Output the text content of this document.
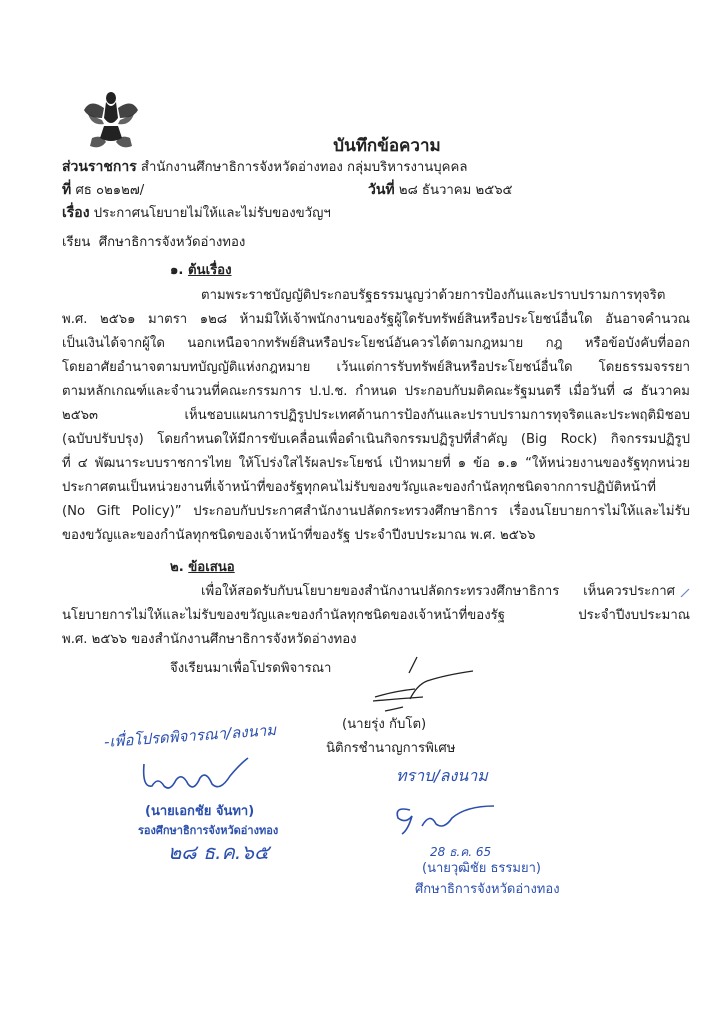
บันทึกข้อความ
ส่วนราชการ สำนักงานศึกษาธิการจังหวัดอ่างทอง กลุ่มบริหารงานบุคคล
ที่ ศธ ๐๒๑๒๗/	วันที่ ๒๘ ธันวาคม ๒๕๖๕
เรื่อง ประกาศนโยบายไม่ให้และไม่รับของขวัญฯ
เรียน ศึกษาธิการจังหวัดอ่างทอง
๑. ต้นเรื่อง
ตามพระราชบัญญัติประกอบรัฐธรรมนูญว่าด้วยการป้องกันและปราบปรามการทุจริต
พ.ศ. ๒๕๖๑ มาตรา ๑๒๘ ห้ามมิให้เจ้าพนักงานของรัฐผู้ใดรับทรัพย์สินหรือประโยชน์อื่นใด อันอาจคำนวณ
เป็นเงินได้จากผู้ใด นอกเหนือจากทรัพย์สินหรือประโยชน์อันควรได้ตามกฎหมาย กฎ หรือข้อบังคับที่ออก
โดยอาศัยอำนาจตามบทบัญญัติแห่งกฎหมาย เว้นแต่การรับทรัพย์สินหรือประโยชน์อื่นใด โดยธรรมจรรยา
ตามหลักเกณฑ์และจำนวนที่คณะกรรมการ ป.ป.ช. กำหนด ประกอบกับมติคณะรัฐมนตรี เมื่อวันที่ ๘ ธันวาคม
๒๕๖๓ เห็นชอบแผนการปฏิรูปประเทศด้านการป้องกันและปราบปรามการทุจริตและประพฤติมิชอบ
(ฉบับปรับปรุง) โดยกำหนดให้มีการขับเคลื่อนเพื่อดำเนินกิจกรรมปฏิรูปที่สำคัญ (Big Rock) กิจกรรมปฏิรูป
ที่ ๔ พัฒนาระบบราชการไทย ให้โปร่งใสไร้ผลประโยชน์ เป้าหมายที่ ๑ ข้อ ๑.๑ “ให้หน่วยงานของรัฐทุกหน่วย
ประกาศตนเป็นหน่วยงานที่เจ้าหน้าที่ของรัฐทุกคนไม่รับของขวัญและของกำนัลทุกชนิดจากการปฏิบัติหน้าที่
(No Gift Policy)” ประกอบกับประกาศสำนักงานปลัดกระทรวงศึกษาธิการ เรื่องนโยบายการไม่ให้และไม่รับ
ของขวัญและของกำนัลทุกชนิดของเจ้าหน้าที่ของรัฐ ประจำปีงบประมาณ พ.ศ. ๒๕๖๖
๒. ข้อเสนอ
เพื่อให้สอดรับกับนโยบายของสำนักงานปลัดกระทรวงศึกษาธิการ เห็นควรประกาศ
นโยบายการไม่ให้และไม่รับของขวัญและของกำนัลทุกชนิดของเจ้าหน้าที่ของรัฐ ประจำปีงบประมาณ
พ.ศ. ๒๕๖๖ ของสำนักงานศึกษาธิการจังหวัดอ่างทอง
จึงเรียนมาเพื่อโปรดพิจารณา
(นายรุ่ง กับโต)
นิติกรชำนาญการพิเศษ
-เพื่อโปรดพิจารณา/ลงนาม
(นายเอกชัย จันทา)
รองศึกษาธิการจังหวัดอ่างทอง
๒๘ ธ.ค.๖๕
ทราบ/ลงนาม
28 ธ.ค. 65
(นายวุฒิชัย ธรรมยา)
ศึกษาธิการจังหวัดอ่างทอง
